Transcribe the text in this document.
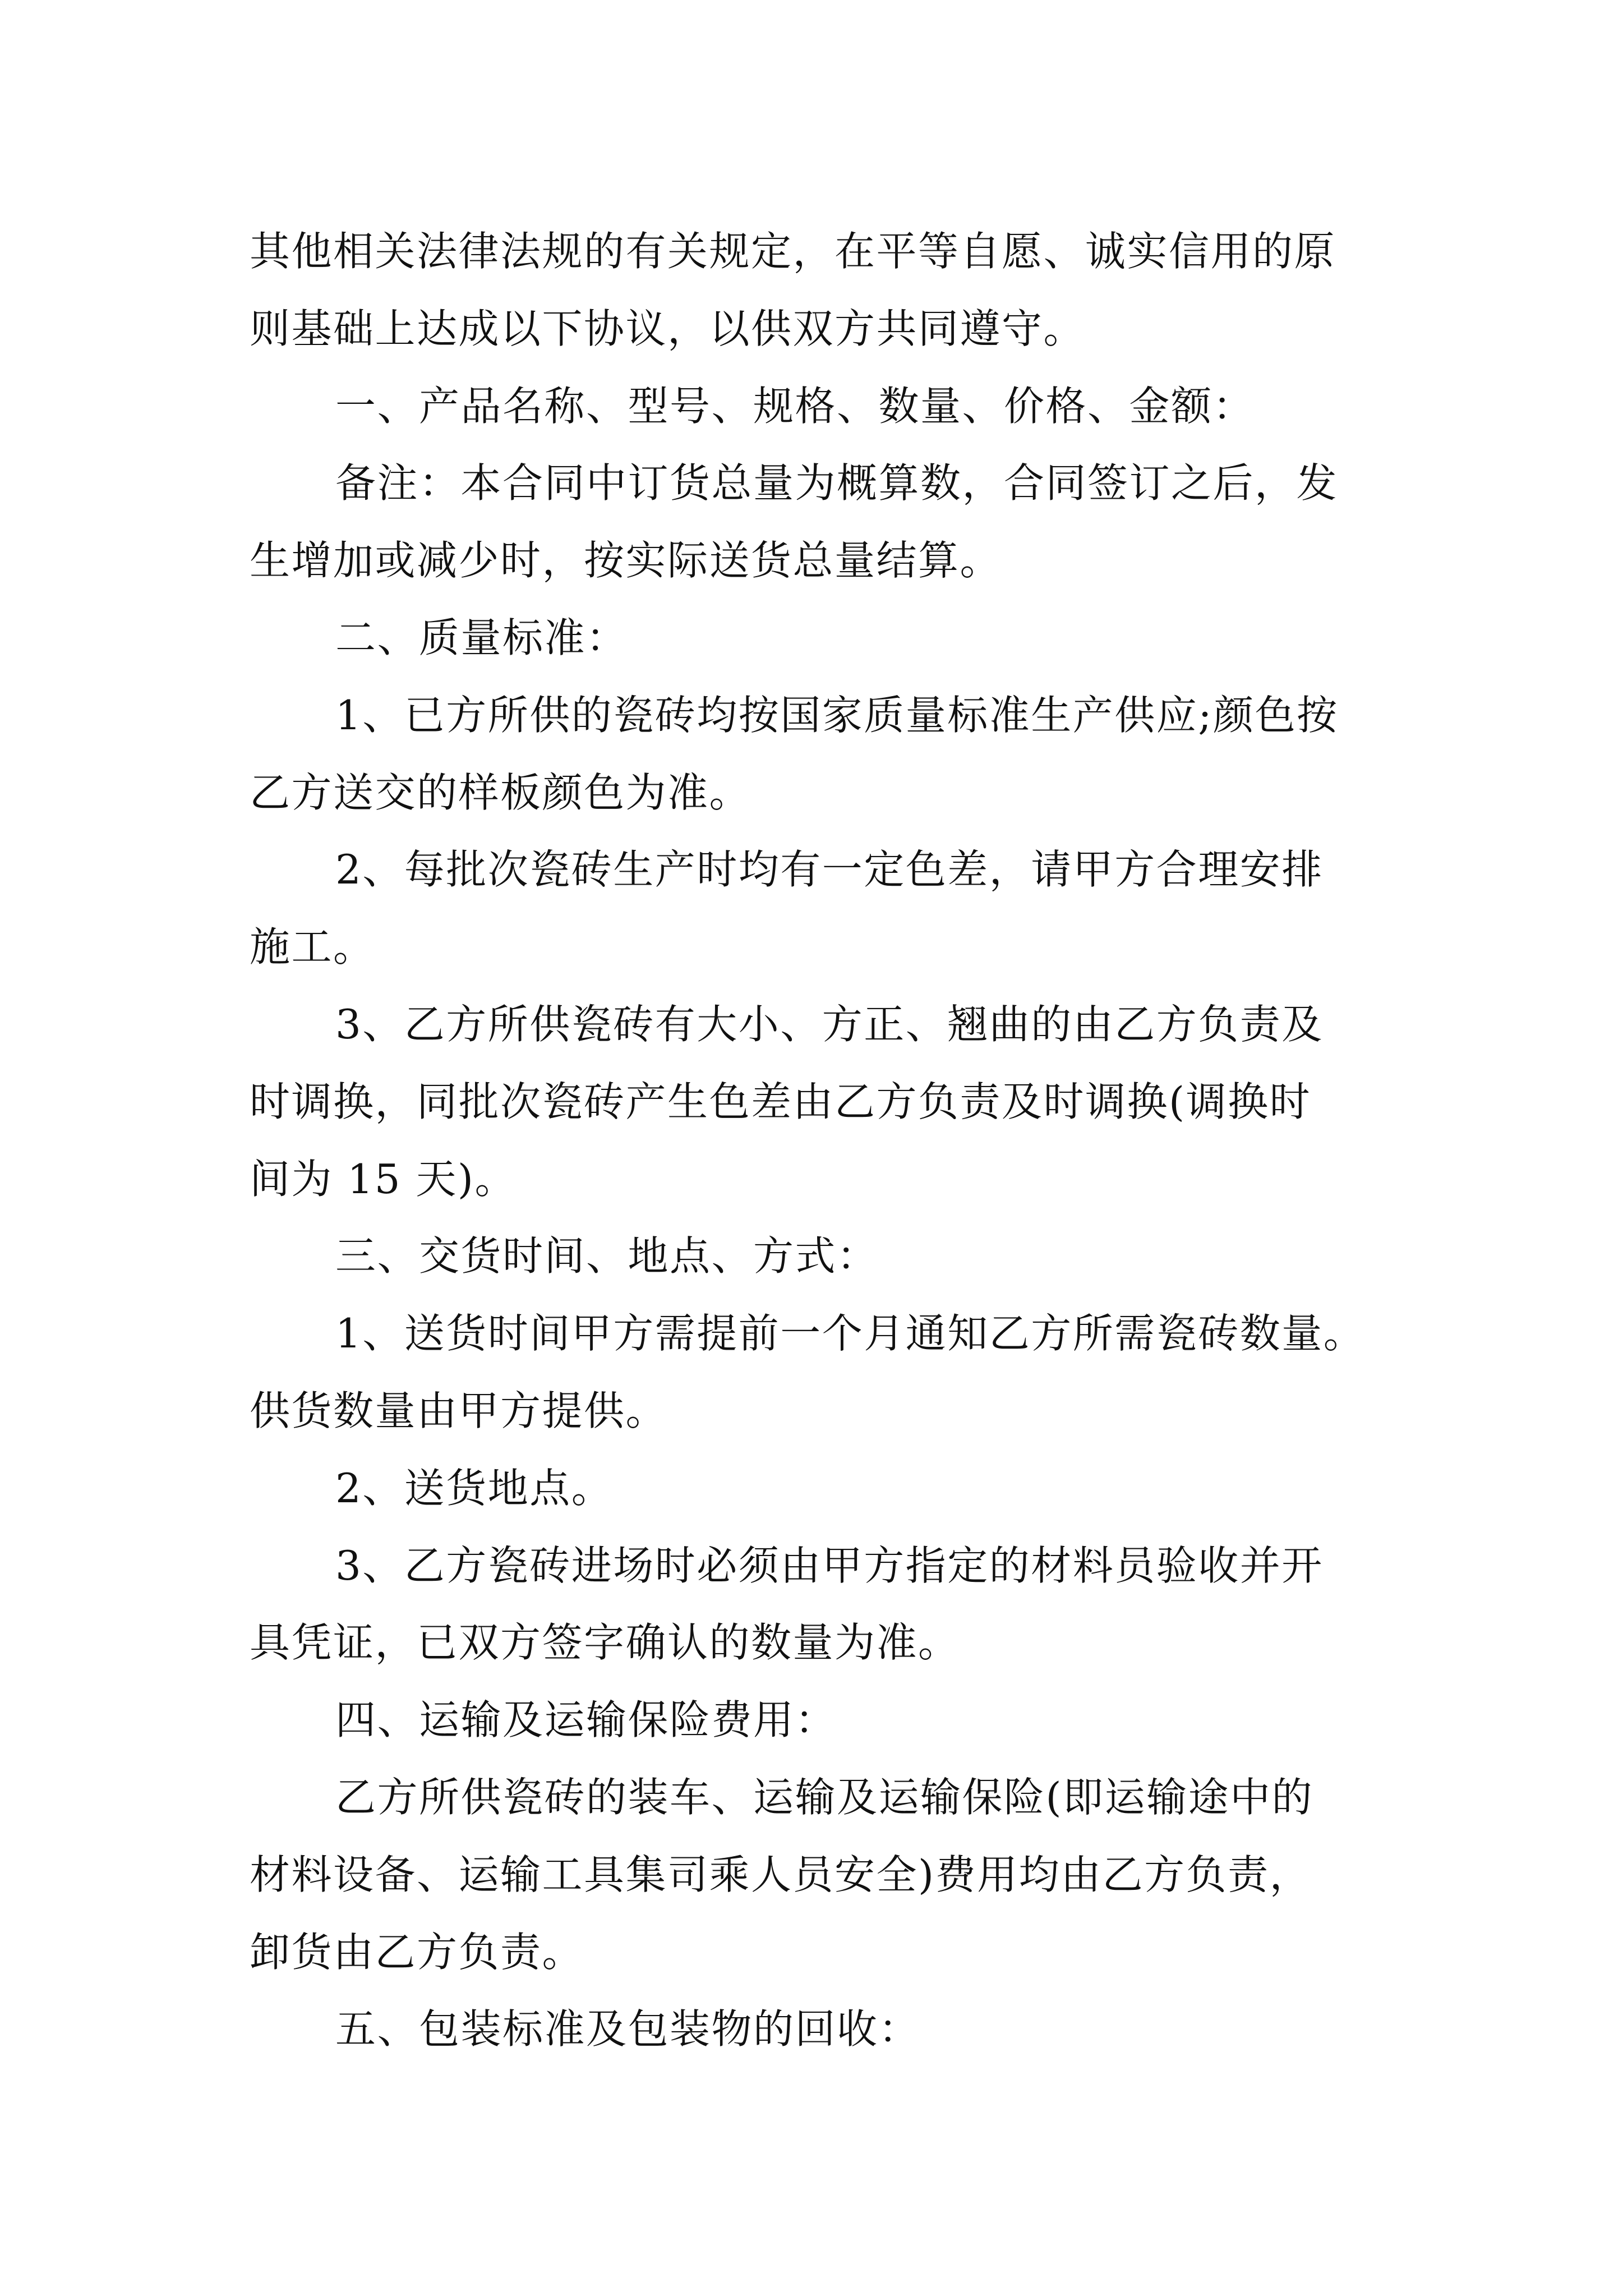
其他相关法律法规的有关规定，在平等自愿、诚实信用的原
则基础上达成以下协议，以供双方共同遵守。
一、产品名称、型号、规格、数量、价格、金额：
备注：本合同中订货总量为概算数，合同签订之后，发
生增加或减少时，按实际送货总量结算。
二、质量标准：
1、已方所供的瓷砖均按国家质量标准生产供应;颜色按
乙方送交的样板颜色为准。
2、每批次瓷砖生产时均有一定色差，请甲方合理安排
施工。
3、乙方所供瓷砖有大小、方正、翘曲的由乙方负责及
时调换，同批次瓷砖产生色差由乙方负责及时调换(调换时
间为 15 天)。
三、交货时间、地点、方式：
1、送货时间甲方需提前一个月通知乙方所需瓷砖数量。
供货数量由甲方提供。
2、送货地点。
3、乙方瓷砖进场时必须由甲方指定的材料员验收并开
具凭证，已双方签字确认的数量为准。
四、运输及运输保险费用：
乙方所供瓷砖的装车、运输及运输保险(即运输途中的
材料设备、运输工具集司乘人员安全)费用均由乙方负责，
卸货由乙方负责。
五、包装标准及包装物的回收：
